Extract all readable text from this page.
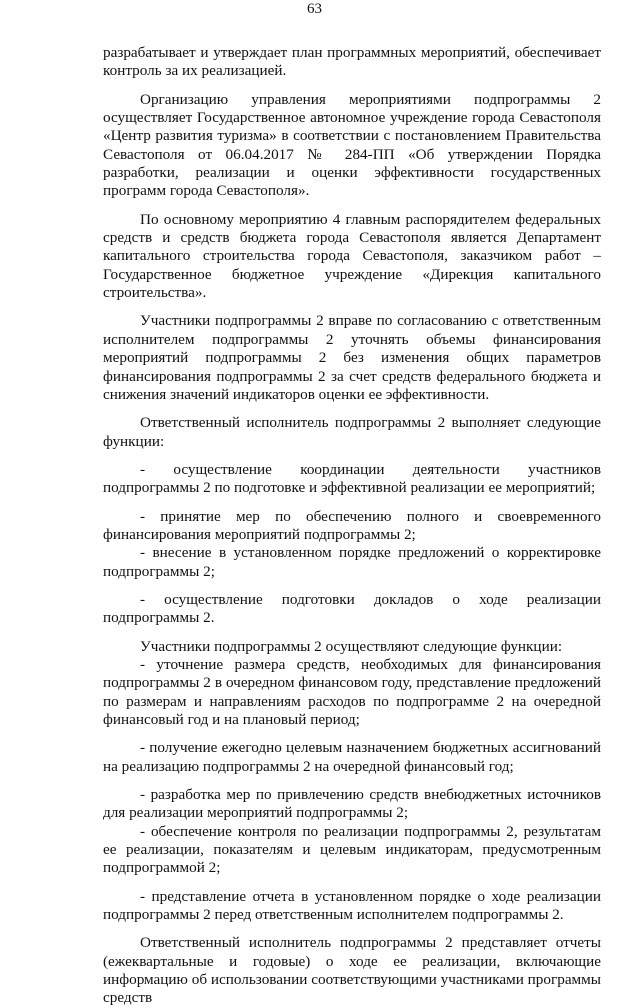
63

разрабатывает и утверждает план программных мероприятий, обеспечивает контроль за их реализацией.

Организацию управления мероприятиями подпрограммы 2 осуществляет Государственное автономное учреждение города Севастополя «Центр развития туризма» в соответствии с постановлением Правительства Севастополя от 06.04.2017 № 284-ПП «Об утверждении Порядка разработки, реализации и оценки эффективности государственных программ города Севастополя».

По основному мероприятию 4 главным распорядителем федеральных средств и средств бюджета города Севастополя является Департамент капитального строительства города Севастополя, заказчиком работ – Государственное бюджетное учреждение «Дирекция капитального строительства».

Участники подпрограммы 2 вправе по согласованию с ответственным исполнителем подпрограммы 2 уточнять объемы финансирования мероприятий подпрограммы 2 без изменения общих параметров финансирования подпрограммы 2 за счет средств федерального бюджета и снижения значений индикаторов оценки ее эффективности.

Ответственный исполнитель подпрограммы 2 выполняет следующие функции:

- осуществление координации деятельности участников подпрограммы 2 по подготовке и эффективной реализации ее мероприятий;

- принятие мер по обеспечению полного и своевременного финансирования мероприятий подпрограммы 2;

- внесение в установленном порядке предложений о корректировке подпрограммы 2;

- осуществление подготовки докладов о ходе реализации подпрограммы 2.

Участники подпрограммы 2 осуществляют следующие функции:

- уточнение размера средств, необходимых для финансирования подпрограммы 2 в очередном финансовом году, представление предложений по размерам и направлениям расходов по подпрограмме 2 на очередной финансовый год и на плановый период;

- получение ежегодно целевым назначением бюджетных ассигнований на реализацию подпрограммы 2 на очередной финансовый год;

- разработка мер по привлечению средств внебюджетных источников для реализации мероприятий подпрограммы 2;

- обеспечение контроля по реализации подпрограммы 2, результатам ее реализации, показателям и целевым индикаторам, предусмотренным подпрограммой 2;

- представление отчета в установленном порядке о ходе реализации подпрограммы 2 перед ответственным исполнителем подпрограммы 2.

Ответственный исполнитель подпрограммы 2 представляет отчеты (ежеквартальные и годовые) о ходе ее реализации, включающие информацию об использовании соответствующими участниками программы средств
